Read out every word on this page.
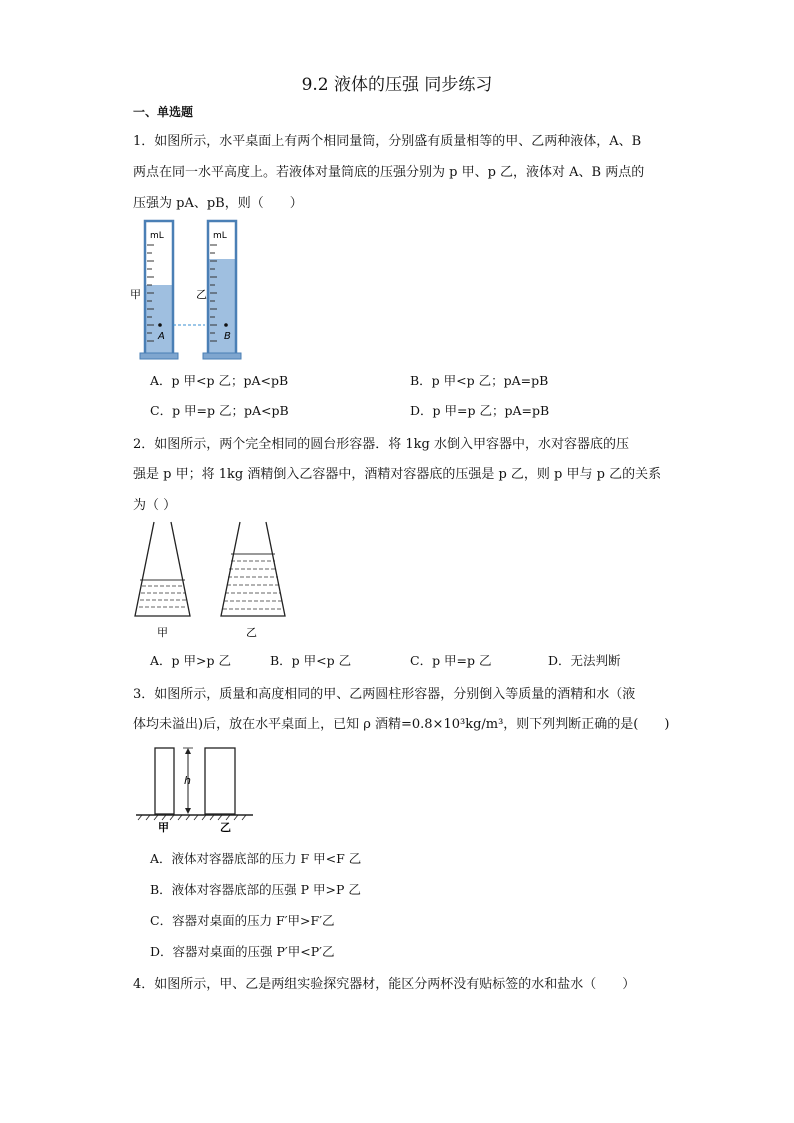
9.2 液体的压强 同步练习
一、单选题
1．如图所示，水平桌面上有两个相同量筒，分别盛有质量相等的甲、乙两种液体，A、B
两点在同一水平高度上。若液体对量筒底的压强分别为 p 甲、p 乙，液体对 A、B 两点的
压强为 pA、pB，则（　　）
mL
A
甲
mL
B
乙
A．p 甲<p 乙；pA<pB	B．p 甲<p 乙；pA=pB
C．p 甲=p 乙；pA<pB	D．p 甲=p 乙；pA=pB
2．如图所示，两个完全相同的圆台形容器．将 1kg 水倒入甲容器中，水对容器底的压
强是 p 甲；将 1kg 酒精倒入乙容器中，酒精对容器底的压强是 p 乙，则 p 甲与 p 乙的关系
为（ ）
甲	乙
A．p 甲>p 乙	B．p 甲<p 乙	C．p 甲=p 乙	D．无法判断
3．如图所示，质量和高度相同的甲、乙两圆柱形容器，分别倒入等质量的酒精和水（液
体均未溢出)后，放在水平桌面上，已知 ρ 酒精=0.8×10³kg/m³，则下列判断正确的是(　　)
h
甲	乙
A．液体对容器底部的压力 F 甲<F 乙
B．液体对容器底部的压强 P 甲>P 乙
C．容器对桌面的压力 F′甲>F′乙
D．容器对桌面的压强 P′甲<P′乙
4．如图所示，甲、乙是两组实验探究器材，能区分两杯没有贴标签的水和盐水（　　）
